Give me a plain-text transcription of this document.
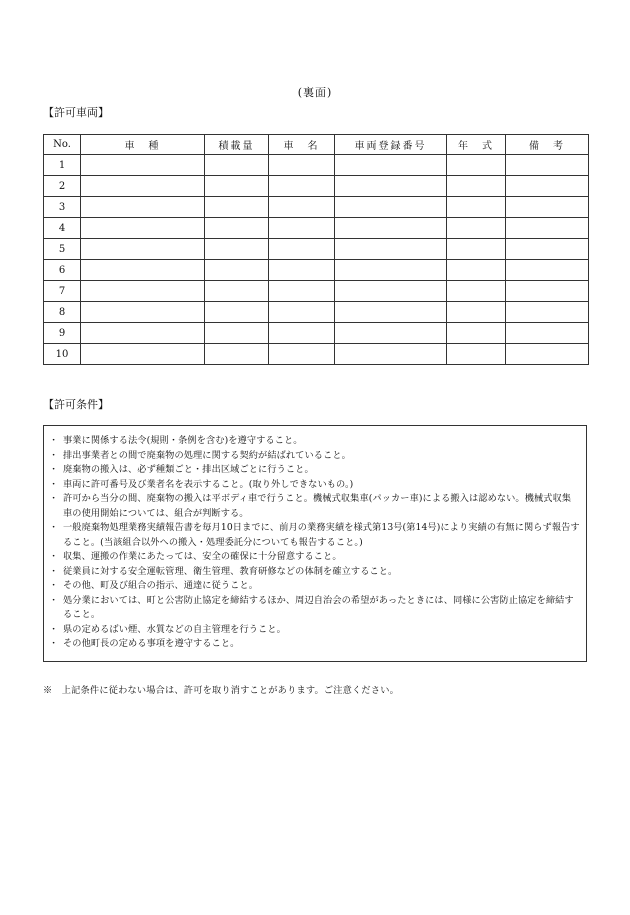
(裏面)
【許可車両】
No.	車　種	積載量	車　名	車両登録番号	年　式	備　考
1						
2						
3						
4						
5						
6						
7						
8						
9						
10						
【許可条件】
・ 事業に関係する法令(規則・条例を含む)を遵守すること。
・ 排出事業者との間で廃棄物の処理に関する契約が結ばれていること。
・ 廃棄物の搬入は、必ず種類ごと・排出区域ごとに行うこと。
・ 車両に許可番号及び業者名を表示すること。(取り外しできないもの。)
・ 許可から当分の間、廃棄物の搬入は平ボディ車で行うこと。機械式収集車(パッカー車)による搬入は認めない。機械式収集車の使用開始については、組合が判断する。
・ 一般廃棄物処理業務実績報告書を毎月10日までに、前月の業務実績を様式第13号(第14号)により実績の有無に関らず報告すること。(当該組合以外への搬入・処理委託分についても報告すること。)
・ 収集、運搬の作業にあたっては、安全の確保に十分留意すること。
・ 従業員に対する安全運転管理、衛生管理、教育研修などの体制を確立すること。
・ その他、町及び組合の指示、通達に従うこと。
・ 処分業においては、町と公害防止協定を締結するほか、周辺自治会の希望があったときには、同様に公害防止協定を締結すること。
・ 県の定めるばい煙、水質などの自主管理を行うこと。
・ その他町長の定める事項を遵守すること。
※　上記条件に従わない場合は、許可を取り消すことがあります。ご注意ください。
